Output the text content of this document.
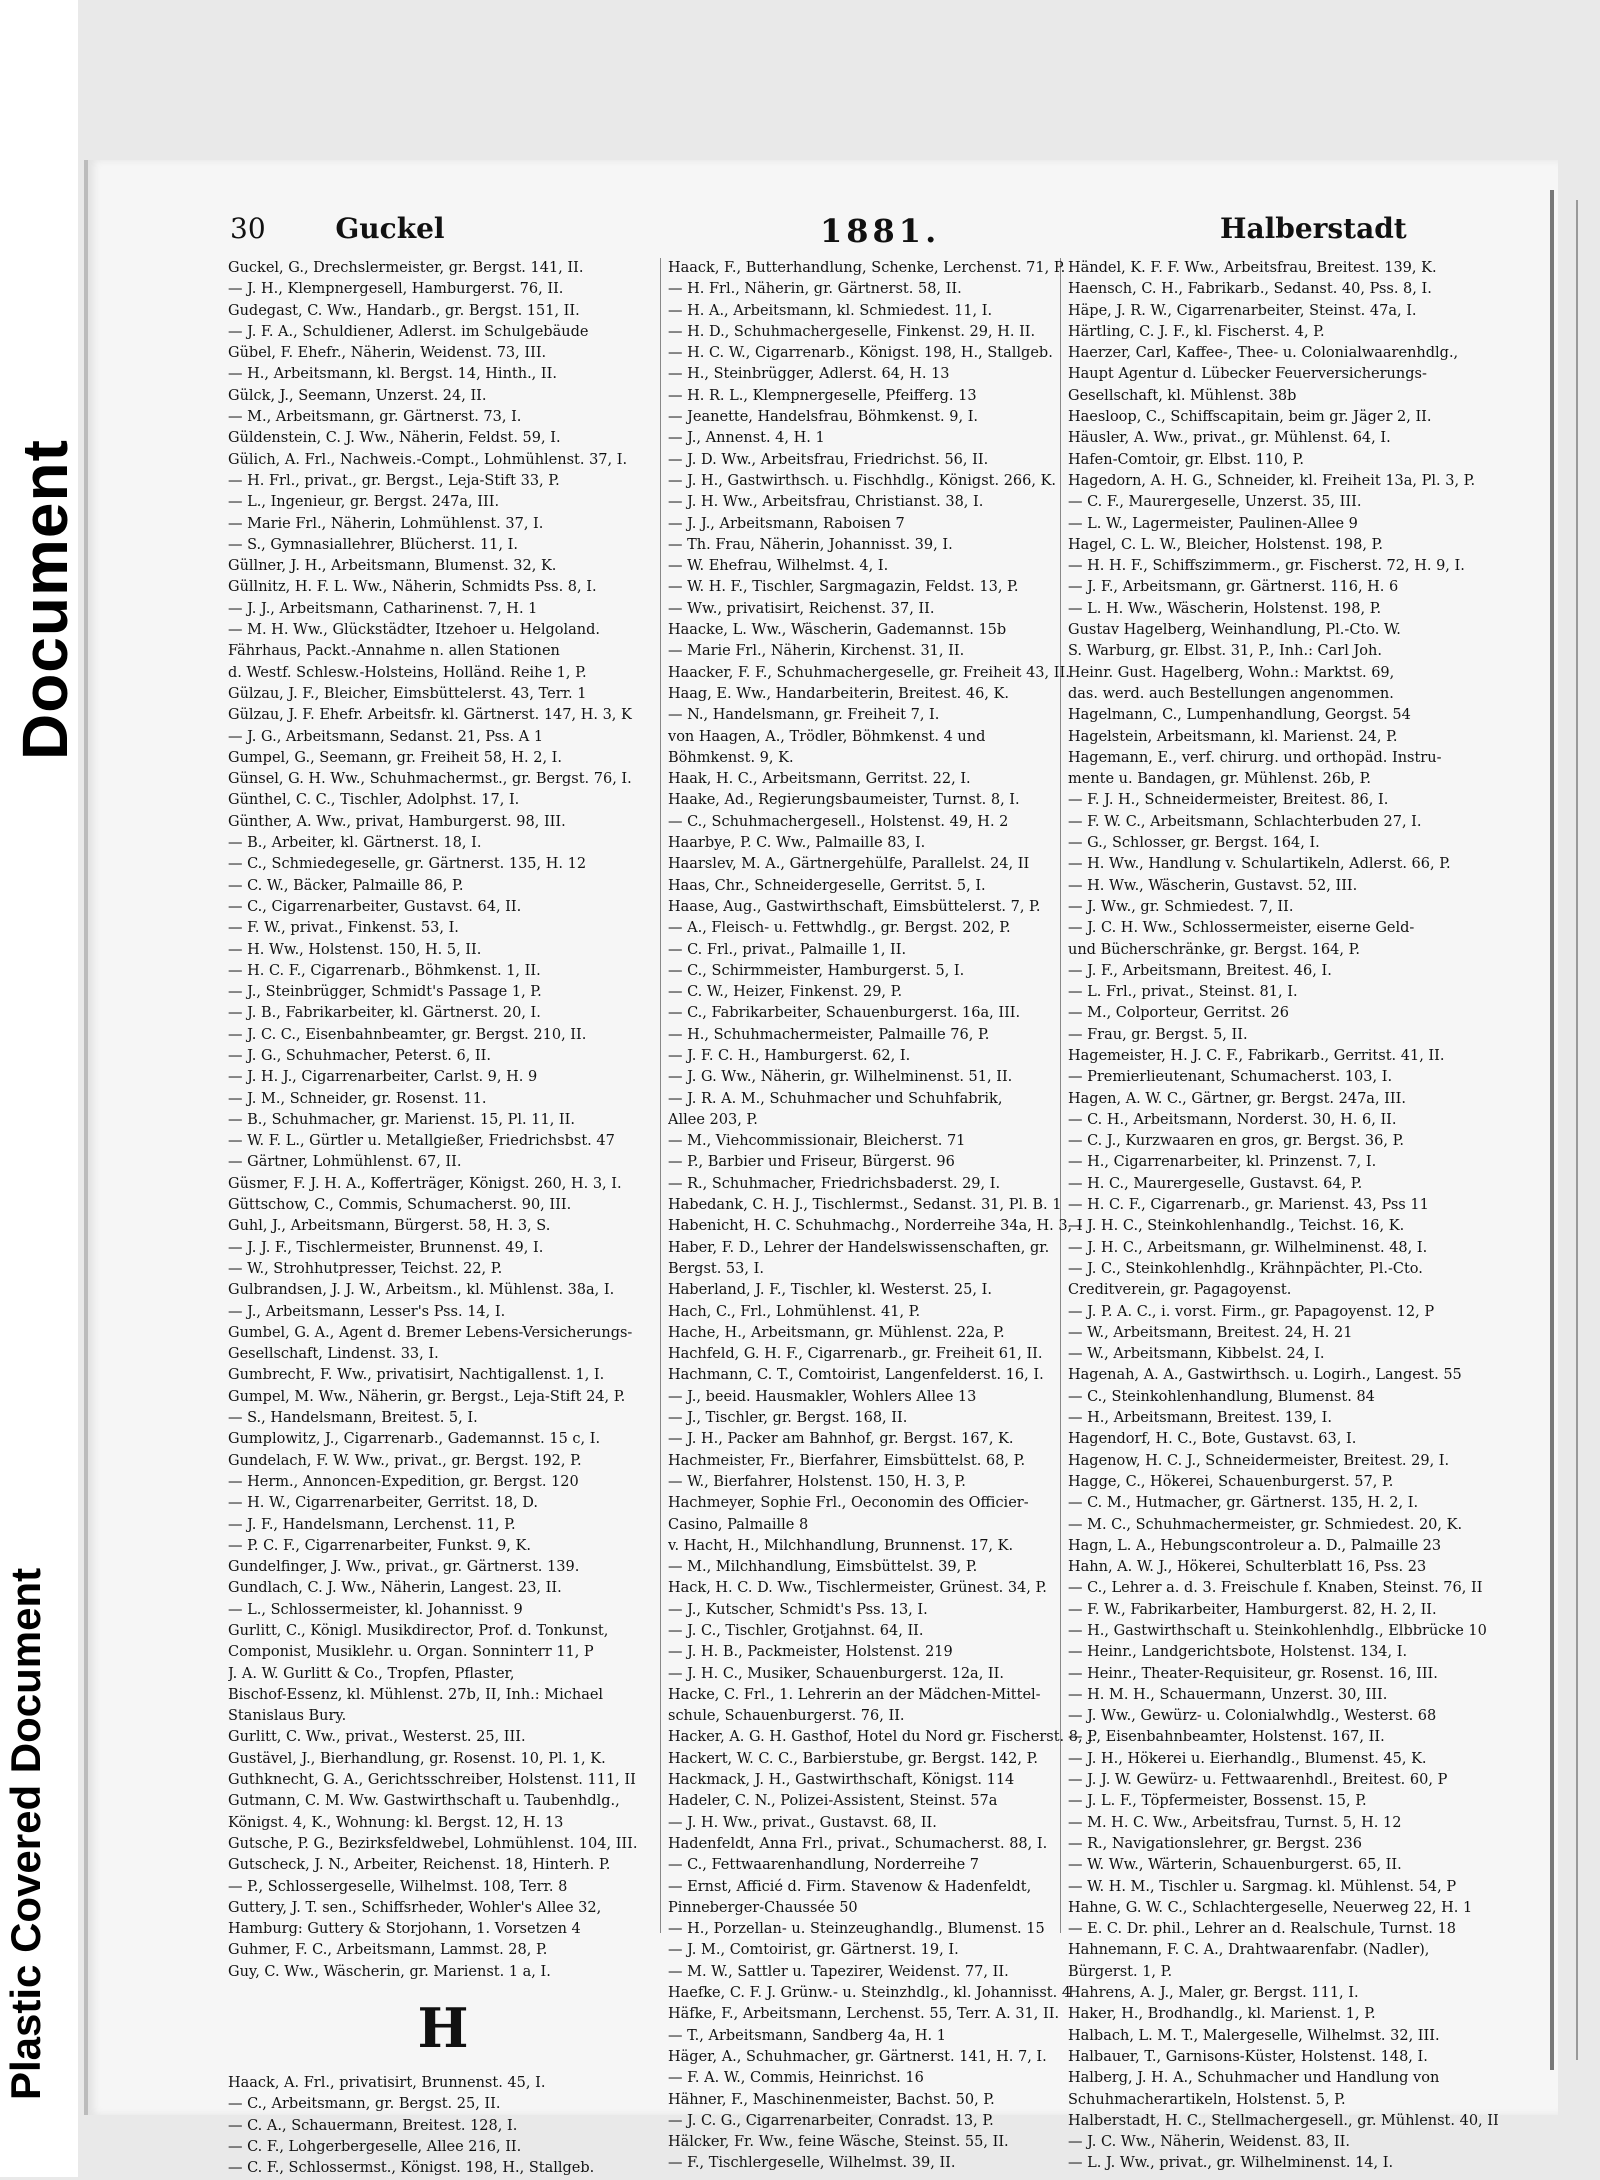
Document
Plastic Covered Document
30 Guckel	1881.	Halberstadt

Guckel, G., Drechslermeister, gr. Bergst. 141, II.

— J. H., Klempnergesell, Hamburgerst. 76, II.

Gudegast, C. Ww., Handarb., gr. Bergst. 151, II.

— J. F. A., Schuldiener, Adlerst. im Schulgebäude

Gübel, F. Ehefr., Näherin, Weidenst. 73, III.

— H., Arbeitsmann, kl. Bergst. 14, Hinth., II.

Gülck, J., Seemann, Unzerst. 24, II.

— M., Arbeitsmann, gr. Gärtnerst. 73, I.

Güldenstein, C. J. Ww., Näherin, Feldst. 59, I.

Gülich, A. Frl., Nachweis.-Compt., Lohmühlenst. 37, I.

— H. Frl., privat., gr. Bergst., Leja-Stift 33, P.

— L., Ingenieur, gr. Bergst. 247a, III.

— Marie Frl., Näherin, Lohmühlenst. 37, I.

— S., Gymnasiallehrer, Blücherst. 11, I.

Güllner, J. H., Arbeitsmann, Blumenst. 32, K.

Güllnitz, H. F. L. Ww., Näherin, Schmidts Pss. 8, I.

— J. J., Arbeitsmann, Catharinenst. 7, H. 1

— M. H. Ww., Glückstädter, Itzehoer u. Helgoland.

Fährhaus, Packt.-Annahme n. allen Stationen

d. Westf. Schlesw.-Holsteins, Holländ. Reihe 1, P.

Gülzau, J. F., Bleicher, Eimsbüttelerst. 43, Terr. 1

Gülzau, J. F. Ehefr. Arbeitsfr. kl. Gärtnerst. 147, H. 3, K

— J. G., Arbeitsmann, Sedanst. 21, Pss. A 1

Gumpel, G., Seemann, gr. Freiheit 58, H. 2, I.

Günsel, G. H. Ww., Schuhmachermst., gr. Bergst. 76, I.

Günthel, C. C., Tischler, Adolphst. 17, I.

Günther, A. Ww., privat, Hamburgerst. 98, III.

— B., Arbeiter, kl. Gärtnerst. 18, I.

— C., Schmiedegeselle, gr. Gärtnerst. 135, H. 12

— C. W., Bäcker, Palmaille 86, P.

— C., Cigarrenarbeiter, Gustavst. 64, II.

— F. W., privat., Finkenst. 53, I.

— H. Ww., Holstenst. 150, H. 5, II.

— H. C. F., Cigarrenarb., Böhmkenst. 1, II.

— J., Steinbrügger, Schmidt's Passage 1, P.

— J. B., Fabrikarbeiter, kl. Gärtnerst. 20, I.

— J. C. C., Eisenbahnbeamter, gr. Bergst. 210, II.

— J. G., Schuhmacher, Peterst. 6, II.

— J. H. J., Cigarrenarbeiter, Carlst. 9, H. 9

— J. M., Schneider, gr. Rosenst. 11.

— B., Schuhmacher, gr. Marienst. 15, Pl. 11, II.

— W. F. L., Gürtler u. Metallgießer, Friedrichsbst. 47

— Gärtner, Lohmühlenst. 67, II.

Güsmer, F. J. H. A., Kofferträger, Königst. 260, H. 3, I.

Güttschow, C., Commis, Schumacherst. 90, III.

Guhl, J., Arbeitsmann, Bürgerst. 58, H. 3, S.

— J. J. F., Tischlermeister, Brunnenst. 49, I.

— W., Strohhutpresser, Teichst. 22, P.

Gulbrandsen, J. J. W., Arbeitsm., kl. Mühlenst. 38a, I.

— J., Arbeitsmann, Lesser's Pss. 14, I.

Gumbel, G. A., Agent d. Bremer Lebens-Versicherungs-

Gesellschaft, Lindenst. 33, I.

Gumbrecht, F. Ww., privatisirt, Nachtigallenst. 1, I.

Gumpel, M. Ww., Näherin, gr. Bergst., Leja-Stift 24, P.

— S., Handelsmann, Breitest. 5, I.

Gumplowitz, J., Cigarrenarb., Gademannst. 15 c, I.

Gundelach, F. W. Ww., privat., gr. Bergst. 192, P.

— Herm., Annoncen-Expedition, gr. Bergst. 120

— H. W., Cigarrenarbeiter, Gerritst. 18, D.

— J. F., Handelsmann, Lerchenst. 11, P.

— P. C. F., Cigarrenarbeiter, Funkst. 9, K.

Gundelfinger, J. Ww., privat., gr. Gärtnerst. 139.

Gundlach, C. J. Ww., Näherin, Langest. 23, II.

— L., Schlossermeister, kl. Johannisst. 9

Gurlitt, C., Königl. Musikdirector, Prof. d. Tonkunst,

Componist, Musiklehr. u. Organ. Sonninterr 11, P

J. A. W. Gurlitt & Co., Tropfen, Pflaster,

Bischof-Essenz, kl. Mühlenst. 27b, II, Inh.: Michael

Stanislaus Bury.

Gurlitt, C. Ww., privat., Westerst. 25, III.

Gustävel, J., Bierhandlung, gr. Rosenst. 10, Pl. 1, K.

Guthknecht, G. A., Gerichtsschreiber, Holstenst. 111, II

Gutmann, C. M. Ww. Gastwirthschaft u. Taubenhdlg.,

Königst. 4, K., Wohnung: kl. Bergst. 12, H. 13

Gutsche, P. G., Bezirksfeldwebel, Lohmühlenst. 104, III.

Gutscheck, J. N., Arbeiter, Reichenst. 18, Hinterh. P.

— P., Schlossergeselle, Wilhelmst. 108, Terr. 8

Guttery, J. T. sen., Schiffsrheder, Wohler's Allee 32,

Hamburg: Guttery & Storjohann, 1. Vorsetzen 4

Guhmer, F. C., Arbeitsmann, Lammst. 28, P.

Guy, C. Ww., Wäscherin, gr. Marienst. 1 a, I.

H

Haack, A. Frl., privatisirt, Brunnenst. 45, I.

— C., Arbeitsmann, gr. Bergst. 25, II.

— C. A., Schauermann, Breitest. 128, I.

— C. F., Lohgerbergeselle, Allee 216, II.

— C. F., Schlossermst., Königst. 198, H., Stallgeb.

Haack, F., Butterhandlung, Schenke, Lerchenst. 71, P.

— H. Frl., Näherin, gr. Gärtnerst. 58, II.

— H. A., Arbeitsmann, kl. Schmiedest. 11, I.

— H. D., Schuhmachergeselle, Finkenst. 29, H. II.

— H. C. W., Cigarrenarb., Königst. 198, H., Stallgeb.

— H., Steinbrügger, Adlerst. 64, H. 13

— H. R. L., Klempnergeselle, Pfeifferg. 13

— Jeanette, Handelsfrau, Böhmkenst. 9, I.

— J., Annenst. 4, H. 1

— J. D. Ww., Arbeitsfrau, Friedrichst. 56, II.

— J. H., Gastwirthsch. u. Fischhdlg., Königst. 266, K.

— J. H. Ww., Arbeitsfrau, Christianst. 38, I.

— J. J., Arbeitsmann, Raboisen 7

— Th. Frau, Näherin, Johannisst. 39, I.

— W. Ehefrau, Wilhelmst. 4, I.

— W. H. F., Tischler, Sargmagazin, Feldst. 13, P.

— Ww., privatisirt, Reichenst. 37, II.

Haacke, L. Ww., Wäscherin, Gademannst. 15b

— Marie Frl., Näherin, Kirchenst. 31, II.

Haacker, F. F., Schuhmachergeselle, gr. Freiheit 43, II.

Haag, E. Ww., Handarbeiterin, Breitest. 46, K.

— N., Handelsmann, gr. Freiheit 7, I.

von Haagen, A., Trödler, Böhmkenst. 4 und

Böhmkenst. 9, K.

Haak, H. C., Arbeitsmann, Gerritst. 22, I.

Haake, Ad., Regierungsbaumeister, Turnst. 8, I.

— C., Schuhmachergesell., Holstenst. 49, H. 2

Haarbye, P. C. Ww., Palmaille 83, I.

Haarslev, M. A., Gärtnergehülfe, Parallelst. 24, II

Haas, Chr., Schneidergeselle, Gerritst. 5, I.

Haase, Aug., Gastwirthschaft, Eimsbüttelerst. 7, P.

— A., Fleisch- u. Fettwhdlg., gr. Bergst. 202, P.

— C. Frl., privat., Palmaille 1, II.

— C., Schirmmeister, Hamburgerst. 5, I.

— C. W., Heizer, Finkenst. 29, P.

— C., Fabrikarbeiter, Schauenburgerst. 16a, III.

— H., Schuhmachermeister, Palmaille 76, P.

— J. F. C. H., Hamburgerst. 62, I.

— J. G. Ww., Näherin, gr. Wilhelminenst. 51, II.

— J. R. A. M., Schuhmacher und Schuhfabrik,

Allee 203, P.

— M., Viehcommissionair, Bleicherst. 71

— P., Barbier und Friseur, Bürgerst. 96

— R., Schuhmacher, Friedrichsbaderst. 29, I.

Habedank, C. H. J., Tischlermst., Sedanst. 31, Pl. B. 1

Habenicht, H. C. Schuhmachg., Norderreihe 34a, H. 3, I

Haber, F. D., Lehrer der Handelswissenschaften, gr.

Bergst. 53, I.

Haberland, J. F., Tischler, kl. Westerst. 25, I.

Hach, C., Frl., Lohmühlenst. 41, P.

Hache, H., Arbeitsmann, gr. Mühlenst. 22a, P.

Hachfeld, G. H. F., Cigarrenarb., gr. Freiheit 61, II.

Hachmann, C. T., Comtoirist, Langenfelderst. 16, I.

— J., beeid. Hausmakler, Wohlers Allee 13

— J., Tischler, gr. Bergst. 168, II.

— J. H., Packer am Bahnhof, gr. Bergst. 167, K.

Hachmeister, Fr., Bierfahrer, Eimsbüttelst. 68, P.

— W., Bierfahrer, Holstenst. 150, H. 3, P.

Hachmeyer, Sophie Frl., Oeconomin des Officier-

Casino, Palmaille 8

v. Hacht, H., Milchhandlung, Brunnenst. 17, K.

— M., Milchhandlung, Eimsbüttelst. 39, P.

Hack, H. C. D. Ww., Tischlermeister, Grünest. 34, P.

— J., Kutscher, Schmidt's Pss. 13, I.

— J. C., Tischler, Grotjahnst. 64, II.

— J. H. B., Packmeister, Holstenst. 219

— J. H. C., Musiker, Schauenburgerst. 12a, II.

Hacke, C. Frl., 1. Lehrerin an der Mädchen-Mittel-

schule, Schauenburgerst. 76, II.

Hacker, A. G. H. Gasthof, Hotel du Nord gr. Fischerst. 8, P

Hackert, W. C. C., Barbierstube, gr. Bergst. 142, P.

Hackmack, J. H., Gastwirthschaft, Königst. 114

Hadeler, C. N., Polizei-Assistent, Steinst. 57a

— J. H. Ww., privat., Gustavst. 68, II.

Hadenfeldt, Anna Frl., privat., Schumacherst. 88, I.

— C., Fettwaarenhandlung, Norderreihe 7

— Ernst, Afficié d. Firm. Stavenow & Hadenfeldt,

Pinneberger-Chaussée 50

— H., Porzellan- u. Steinzeughandlg., Blumenst. 15

— J. M., Comtoirist, gr. Gärtnerst. 19, I.

— M. W., Sattler u. Tapezirer, Weidenst. 77, II.

Haefke, C. F. J. Grünw.- u. Steinzhdlg., kl. Johannisst. 4

Häfke, F., Arbeitsmann, Lerchenst. 55, Terr. A. 31, II.

— T., Arbeitsmann, Sandberg 4a, H. 1

Häger, A., Schuhmacher, gr. Gärtnerst. 141, H. 7, I.

— F. A. W., Commis, Heinrichst. 16

Hähner, F., Maschinenmeister, Bachst. 50, P.

— J. C. G., Cigarrenarbeiter, Conradst. 13, P.

Hälcker, Fr. Ww., feine Wäsche, Steinst. 55, II.

— F., Tischlergeselle, Wilhelmst. 39, II.

Händel, K. F. F. Ww., Arbeitsfrau, Breitest. 139, K.

Haensch, C. H., Fabrikarb., Sedanst. 40, Pss. 8, I.

Häpe, J. R. W., Cigarrenarbeiter, Steinst. 47a, I.

Härtling, C. J. F., kl. Fischerst. 4, P.

Haerzer, Carl, Kaffee-, Thee- u. Colonialwaarenhdlg.,

Haupt Agentur d. Lübecker Feuerversicherungs-

Gesellschaft, kl. Mühlenst. 38b

Haesloop, C., Schiffscapitain, beim gr. Jäger 2, II.

Häusler, A. Ww., privat., gr. Mühlenst. 64, I.

Hafen-Comtoir, gr. Elbst. 110, P.

Hagedorn, A. H. G., Schneider, kl. Freiheit 13a, Pl. 3, P.

— C. F., Maurergeselle, Unzerst. 35, III.

— L. W., Lagermeister, Paulinen-Allee 9

Hagel, C. L. W., Bleicher, Holstenst. 198, P.

— H. H. F., Schiffszimmerm., gr. Fischerst. 72, H. 9, I.

— J. F., Arbeitsmann, gr. Gärtnerst. 116, H. 6

— L. H. Ww., Wäscherin, Holstenst. 198, P.

Gustav Hagelberg, Weinhandlung, Pl.-Cto. W.

S. Warburg, gr. Elbst. 31, P., Inh.: Carl Joh.

Heinr. Gust. Hagelberg, Wohn.: Marktst. 69,

das. werd. auch Bestellungen angenommen.

Hagelmann, C., Lumpenhandlung, Georgst. 54

Hagelstein, Arbeitsmann, kl. Marienst. 24, P.

Hagemann, E., verf. chirurg. und orthopäd. Instru-

mente u. Bandagen, gr. Mühlenst. 26b, P.

— F. J. H., Schneidermeister, Breitest. 86, I.

— F. W. C., Arbeitsmann, Schlachterbuden 27, I.

— G., Schlosser, gr. Bergst. 164, I.

— H. Ww., Handlung v. Schulartikeln, Adlerst. 66, P.

— H. Ww., Wäscherin, Gustavst. 52, III.

— J. Ww., gr. Schmiedest. 7, II.

— J. C. H. Ww., Schlossermeister, eiserne Geld-

und Bücherschränke, gr. Bergst. 164, P.

— J. F., Arbeitsmann, Breitest. 46, I.

— L. Frl., privat., Steinst. 81, I.

— M., Colporteur, Gerritst. 26

— Frau, gr. Bergst. 5, II.

Hagemeister, H. J. C. F., Fabrikarb., Gerritst. 41, II.

— Premierlieutenant, Schumacherst. 103, I.

Hagen, A. W. C., Gärtner, gr. Bergst. 247a, III.

— C. H., Arbeitsmann, Norderst. 30, H. 6, II.

— C. J., Kurzwaaren en gros, gr. Bergst. 36, P.

— H., Cigarrenarbeiter, kl. Prinzenst. 7, I.

— H. C., Maurergeselle, Gustavst. 64, P.

— H. C. F., Cigarrenarb., gr. Marienst. 43, Pss 11

— J. H. C., Steinkohlenhandlg., Teichst. 16, K.

— J. H. C., Arbeitsmann, gr. Wilhelminenst. 48, I.

— J. C., Steinkohlenhdlg., Krähnpächter, Pl.-Cto.

Creditverein, gr. Pagagoyenst.

— J. P. A. C., i. vorst. Firm., gr. Papagoyenst. 12, P

— W., Arbeitsmann, Breitest. 24, H. 21

— W., Arbeitsmann, Kibbelst. 24, I.

Hagenah, A. A., Gastwirthsch. u. Logirh., Langest. 55

— C., Steinkohlenhandlung, Blumenst. 84

— H., Arbeitsmann, Breitest. 139, I.

Hagendorf, H. C., Bote, Gustavst. 63, I.

Hagenow, H. C. J., Schneidermeister, Breitest. 29, I.

Hagge, C., Hökerei, Schauenburgerst. 57, P.

— C. M., Hutmacher, gr. Gärtnerst. 135, H. 2, I.

— M. C., Schuhmachermeister, gr. Schmiedest. 20, K.

Hagn, L. A., Hebungscontroleur a. D., Palmaille 23

Hahn, A. W. J., Hökerei, Schulterblatt 16, Pss. 23

— C., Lehrer a. d. 3. Freischule f. Knaben, Steinst. 76, II

— F. W., Fabrikarbeiter, Hamburgerst. 82, H. 2, II.

— H., Gastwirthschaft u. Steinkohlenhdlg., Elbbrücke 10

— Heinr., Landgerichtsbote, Holstenst. 134, I.

— Heinr., Theater-Requisiteur, gr. Rosenst. 16, III.

— H. M. H., Schauermann, Unzerst. 30, III.

— J. Ww., Gewürz- u. Colonialwhdlg., Westerst. 68

— J., Eisenbahnbeamter, Holstenst. 167, II.

— J. H., Hökerei u. Eierhandlg., Blumenst. 45, K.

— J. J. W. Gewürz- u. Fettwaarenhdl., Breitest. 60, P

— J. L. F., Töpfermeister, Bossenst. 15, P.

— M. H. C. Ww., Arbeitsfrau, Turnst. 5, H. 12

— R., Navigationslehrer, gr. Bergst. 236

— W. Ww., Wärterin, Schauenburgerst. 65, II.

— W. H. M., Tischler u. Sargmag. kl. Mühlenst. 54, P

Hahne, G. W. C., Schlachtergeselle, Neuerweg 22, H. 1

— E. C. Dr. phil., Lehrer an d. Realschule, Turnst. 18

Hahnemann, F. C. A., Drahtwaarenfabr. (Nadler),

Bürgerst. 1, P.

Hahrens, A. J., Maler, gr. Bergst. 111, I.

Haker, H., Brodhandlg., kl. Marienst. 1, P.

Halbach, L. M. T., Malergeselle, Wilhelmst. 32, III.

Halbauer, T., Garnisons-Küster, Holstenst. 148, I.

Halberg, J. H. A., Schuhmacher und Handlung von

Schuhmacherartikeln, Holstenst. 5, P.

Halberstadt, H. C., Stellmachergesell., gr. Mühlenst. 40, II

— J. C. Ww., Näherin, Weidenst. 83, II.

— L. J. Ww., privat., gr. Wilhelminenst. 14, I.
